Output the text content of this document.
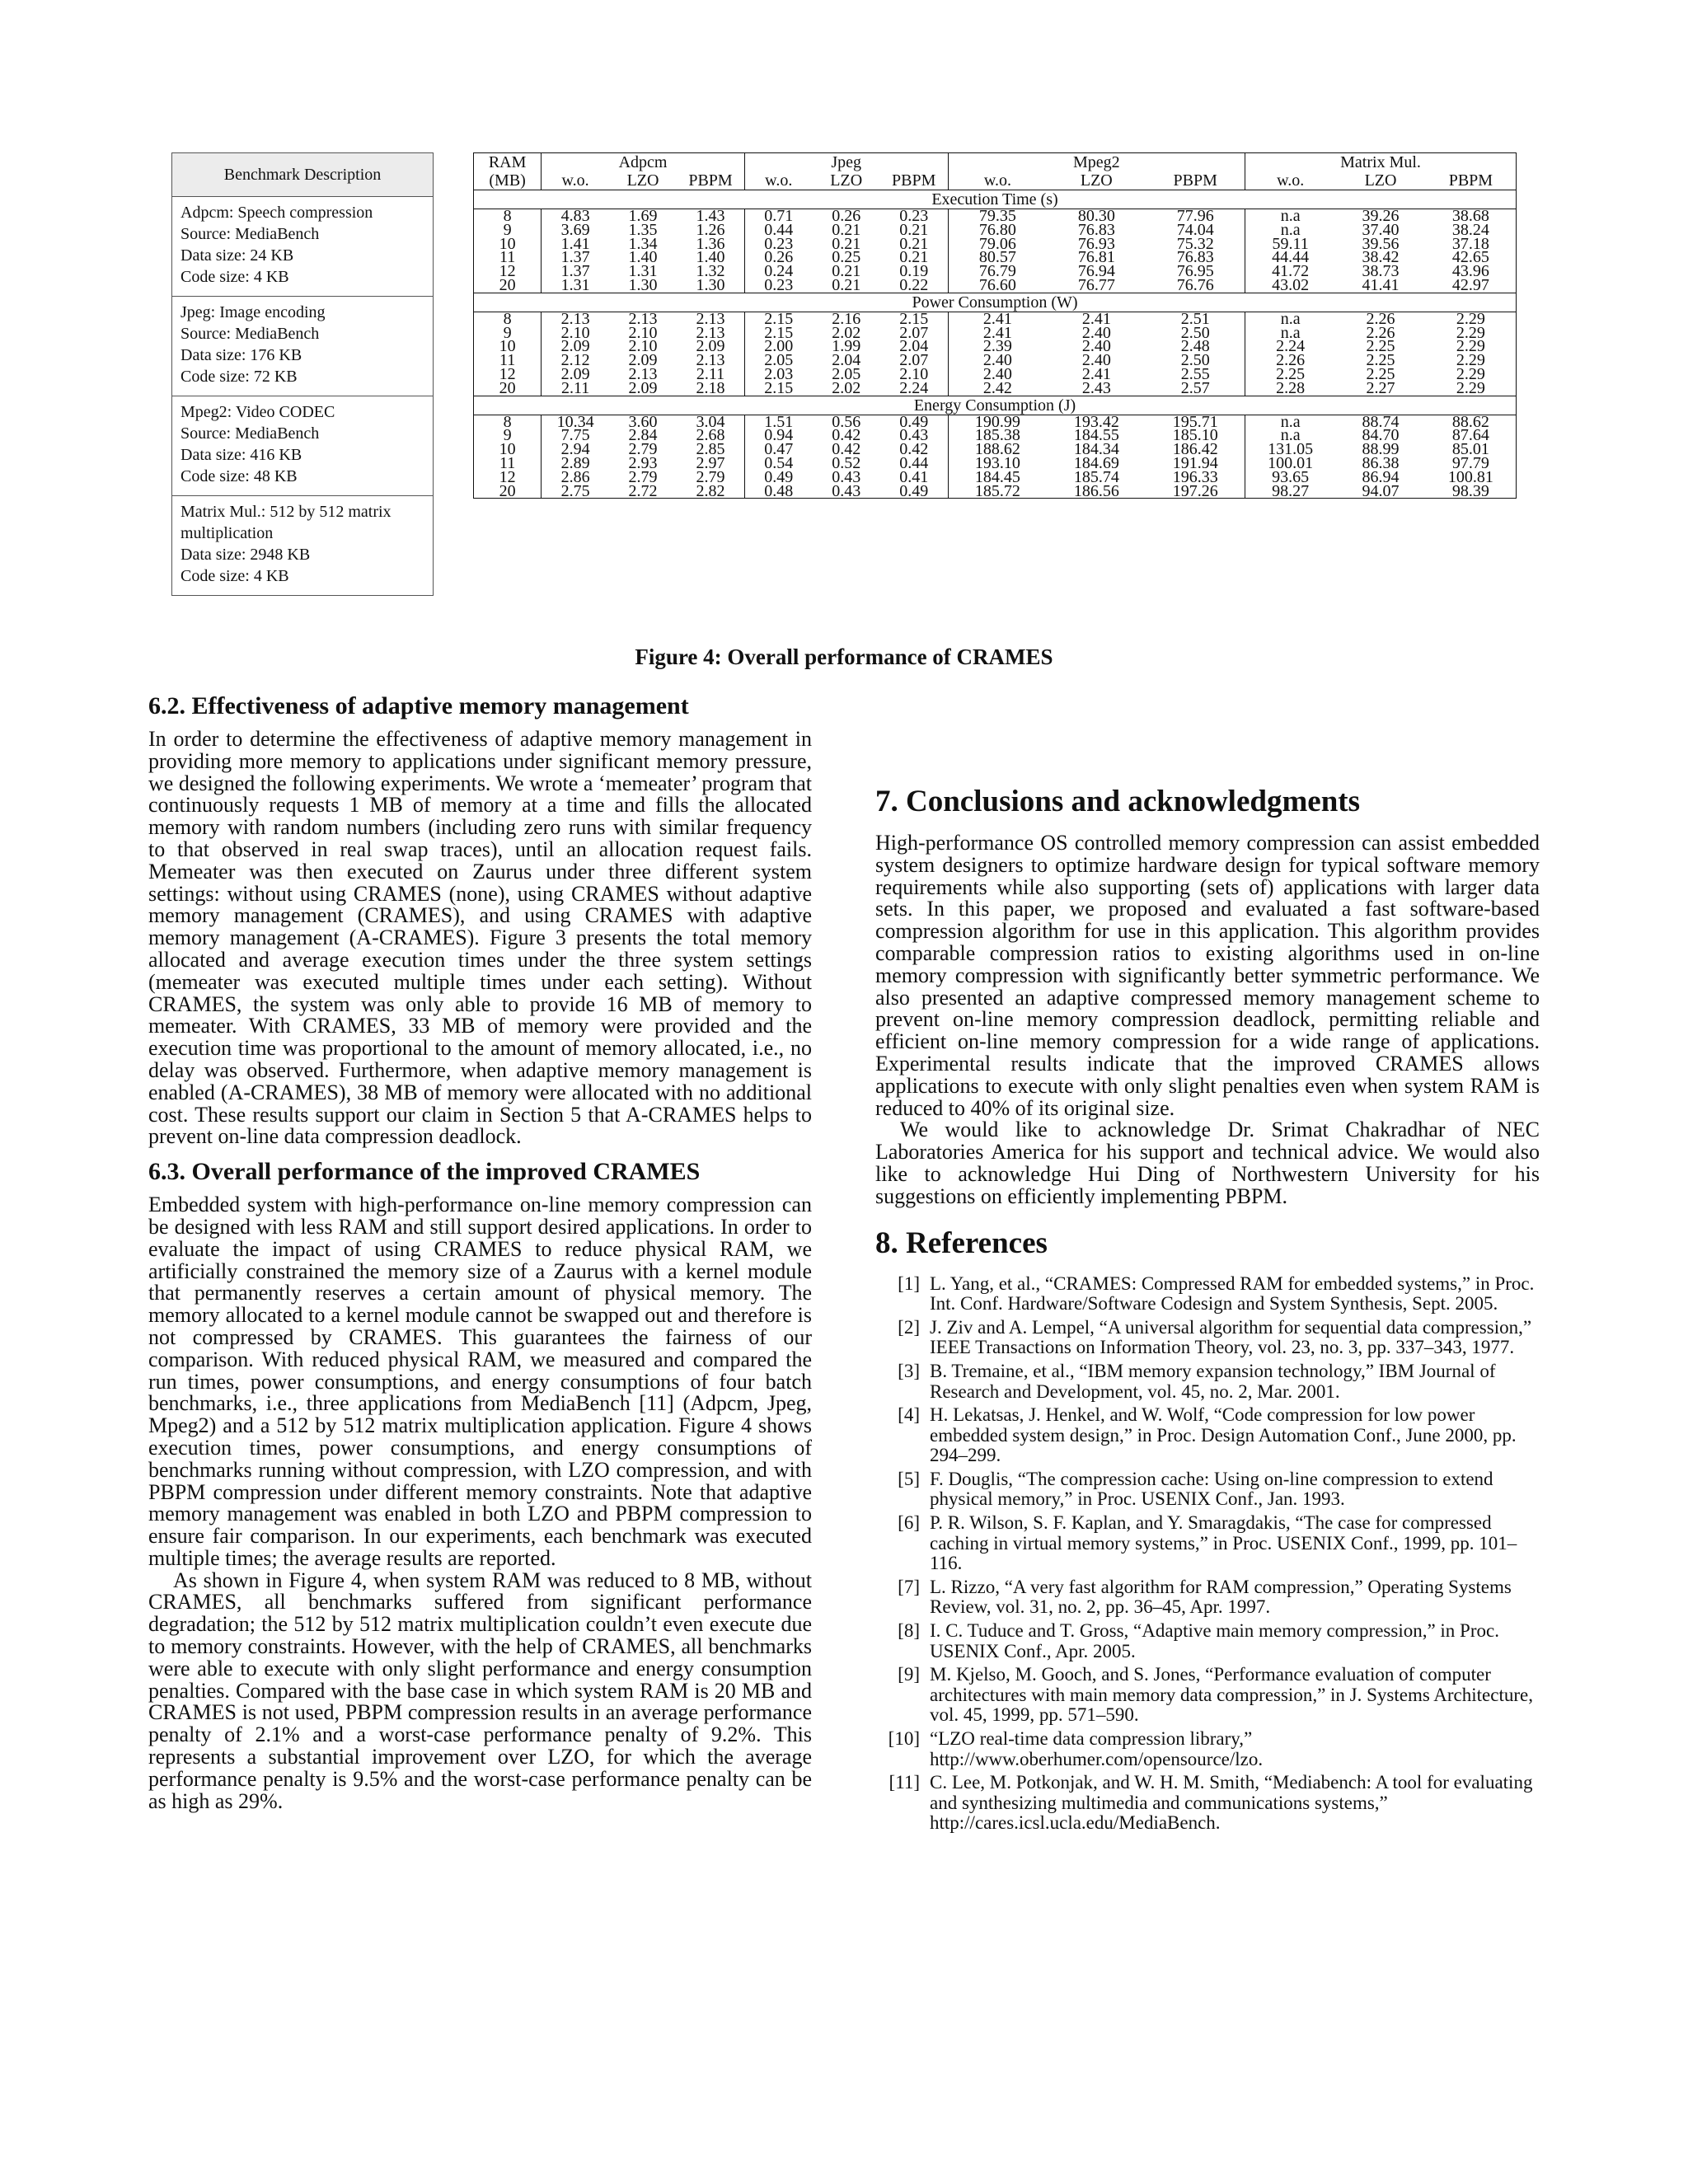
Benchmark Description
Adpcm: Speech compression
Source: MediaBench
Data size: 24 KB
Code size: 4 KB
Jpeg: Image encoding
Source: MediaBench
Data size: 176 KB
Code size: 72 KB
Mpeg2: Video CODEC
Source: MediaBench
Data size: 416 KB
Code size: 48 KB
Matrix Mul.: 512 by 512 matrix
multiplication
Data size: 2948 KB
Code size: 4 KB
RAM	Adpcm			Jpeg			Mpeg2			Matrix Mul.		
(MB)	w.o.	LZO	PBPM	w.o.	LZO	PBPM	w.o.	LZO	PBPM	w.o.	LZO	PBPM
Execution Time (s)												
8	4.83	1.69	1.43	0.71	0.26	0.23	79.35	80.30	77.96	n.a	39.26	38.68
9	3.69	1.35	1.26	0.44	0.21	0.21	76.80	76.83	74.04	n.a	37.40	38.24
10	1.41	1.34	1.36	0.23	0.21	0.21	79.06	76.93	75.32	59.11	39.56	37.18
11	1.37	1.40	1.40	0.26	0.25	0.21	80.57	76.81	76.83	44.44	38.42	42.65
12	1.37	1.31	1.32	0.24	0.21	0.19	76.79	76.94	76.95	41.72	38.73	43.96
20	1.31	1.30	1.30	0.23	0.21	0.22	76.60	76.77	76.76	43.02	41.41	42.97
Power Consumption (W)												
8	2.13	2.13	2.13	2.15	2.16	2.15	2.41	2.41	2.51	n.a	2.26	2.29
9	2.10	2.10	2.13	2.15	2.02	2.07	2.41	2.40	2.50	n.a	2.26	2.29
10	2.09	2.10	2.09	2.00	1.99	2.04	2.39	2.40	2.48	2.24	2.25	2.29
11	2.12	2.09	2.13	2.05	2.04	2.07	2.40	2.40	2.50	2.26	2.25	2.29
12	2.09	2.13	2.11	2.03	2.05	2.10	2.40	2.41	2.55	2.25	2.25	2.29
20	2.11	2.09	2.18	2.15	2.02	2.24	2.42	2.43	2.57	2.28	2.27	2.29
Energy Consumption (J)												
8	10.34	3.60	3.04	1.51	0.56	0.49	190.99	193.42	195.71	n.a	88.74	88.62
9	7.75	2.84	2.68	0.94	0.42	0.43	185.38	184.55	185.10	n.a	84.70	87.64
10	2.94	2.79	2.85	0.47	0.42	0.42	188.62	184.34	186.42	131.05	88.99	85.01
11	2.89	2.93	2.97	0.54	0.52	0.44	193.10	184.69	191.94	100.01	86.38	97.79
12	2.86	2.79	2.79	0.49	0.43	0.41	184.45	185.74	196.33	93.65	86.94	100.81
20	2.75	2.72	2.82	0.48	0.43	0.49	185.72	186.56	197.26	98.27	94.07	98.39
Figure 4: Overall performance of CRAMES
6.2. Effectiveness of adaptive memory management

In order to determine the effectiveness of adaptive memory management in providing more memory to applications under significant memory pressure, we designed the following experiments. We wrote a ‘memeater’ program that continuously requests 1 MB of memory at a time and fills the allocated memory with random numbers (including zero runs with similar frequency to that observed in real swap traces), until an allocation request fails. Memeater was then executed on Zaurus under three different system settings: without using CRAMES (none), using CRAMES without adaptive memory management (CRAMES), and using CRAMES with adaptive memory management (A-CRAMES). Figure 3 presents the total memory allocated and average execution times under the three system settings (memeater was executed multiple times under each setting). Without CRAMES, the system was only able to provide 16 MB of memory to memeater. With CRAMES, 33 MB of memory were provided and the execution time was proportional to the amount of memory allocated, i.e., no delay was observed. Furthermore, when adaptive memory management is enabled (A-CRAMES), 38 MB of memory were allocated with no additional cost. These results support our claim in Section 5 that A-CRAMES helps to prevent on-line data compression deadlock.

6.3. Overall performance of the improved CRAMES

Embedded system with high-performance on-line memory compression can be designed with less RAM and still support desired applications. In order to evaluate the impact of using CRAMES to reduce physical RAM, we artificially constrained the memory size of a Zaurus with a kernel module that permanently reserves a certain amount of physical memory. The memory allocated to a kernel module cannot be swapped out and therefore is not compressed by CRAMES. This guarantees the fairness of our comparison. With reduced physical RAM, we measured and compared the run times, power consumptions, and energy consumptions of four batch benchmarks, i.e., three applications from MediaBench [11] (Adpcm, Jpeg, Mpeg2) and a 512 by 512 matrix multiplication application. Figure 4 shows execution times, power consumptions, and energy consumptions of benchmarks running without compression, with LZO compression, and with PBPM compression under different memory constraints. Note that adaptive memory management was enabled in both LZO and PBPM compression to ensure fair comparison. In our experiments, each benchmark was executed multiple times; the average results are reported.

As shown in Figure 4, when system RAM was reduced to 8 MB, without CRAMES, all benchmarks suffered from significant performance degradation; the 512 by 512 matrix multiplication couldn’t even execute due to memory constraints. However, with the help of CRAMES, all benchmarks were able to execute with only slight performance and energy consumption penalties. Compared with the base case in which system RAM is 20 MB and CRAMES is not used, PBPM compression results in an average performance penalty of 2.1% and a worst-case performance penalty of 9.2%. This represents a substantial improvement over LZO, for which the average performance penalty is 9.5% and the worst-case performance penalty can be as high as 29%.

7. Conclusions and acknowledgments

High-performance OS controlled memory compression can assist embedded system designers to optimize hardware design for typical software memory requirements while also supporting (sets of) applications with larger data sets. In this paper, we proposed and evaluated a fast software-based compression algorithm for use in this application. This algorithm provides comparable compression ratios to existing algorithms used in on-line memory compression with significantly better symmetric performance. We also presented an adaptive compressed memory management scheme to prevent on-line memory compression deadlock, permitting reliable and efficient on-line memory compression for a wide range of applications. Experimental results indicate that the improved CRAMES allows applications to execute with only slight penalties even when system RAM is reduced to 40% of its original size.

We would like to acknowledge Dr. Srimat Chakradhar of NEC Laboratories America for his support and technical advice. We would also like to acknowledge Hui Ding of Northwestern University for his suggestions on efficiently implementing PBPM.

8. References
[1] L. Yang, et al., “CRAMES: Compressed RAM for embedded systems,” in Proc. Int. Conf. Hardware/Software Codesign and System Synthesis, Sept. 2005.
[2] J. Ziv and A. Lempel, “A universal algorithm for sequential data compression,” IEEE Transactions on Information Theory, vol. 23, no. 3, pp. 337–343, 1977.
[3] B. Tremaine, et al., “IBM memory expansion technology,” IBM Journal of Research and Development, vol. 45, no. 2, Mar. 2001.
[4] H. Lekatsas, J. Henkel, and W. Wolf, “Code compression for low power embedded system design,” in Proc. Design Automation Conf., June 2000, pp. 294–299.
[5] F. Douglis, “The compression cache: Using on-line compression to extend physical memory,” in Proc. USENIX Conf., Jan. 1993.
[6] P. R. Wilson, S. F. Kaplan, and Y. Smaragdakis, “The case for compressed caching in virtual memory systems,” in Proc. USENIX Conf., 1999, pp. 101–116.
[7] L. Rizzo, “A very fast algorithm for RAM compression,” Operating Systems Review, vol. 31, no. 2, pp. 36–45, Apr. 1997.
[8] I. C. Tuduce and T. Gross, “Adaptive main memory compression,” in Proc. USENIX Conf., Apr. 2005.
[9] M. Kjelso, M. Gooch, and S. Jones, “Performance evaluation of computer architectures with main memory data compression,” in J. Systems Architecture, vol. 45, 1999, pp. 571–590.
[10] “LZO real-time data compression library,” http://www.oberhumer.com/opensource/lzo.
[11] C. Lee, M. Potkonjak, and W. H. M. Smith, “Mediabench: A tool for evaluating and synthesizing multimedia and communications systems,” http://cares.icsl.ucla.edu/MediaBench.
